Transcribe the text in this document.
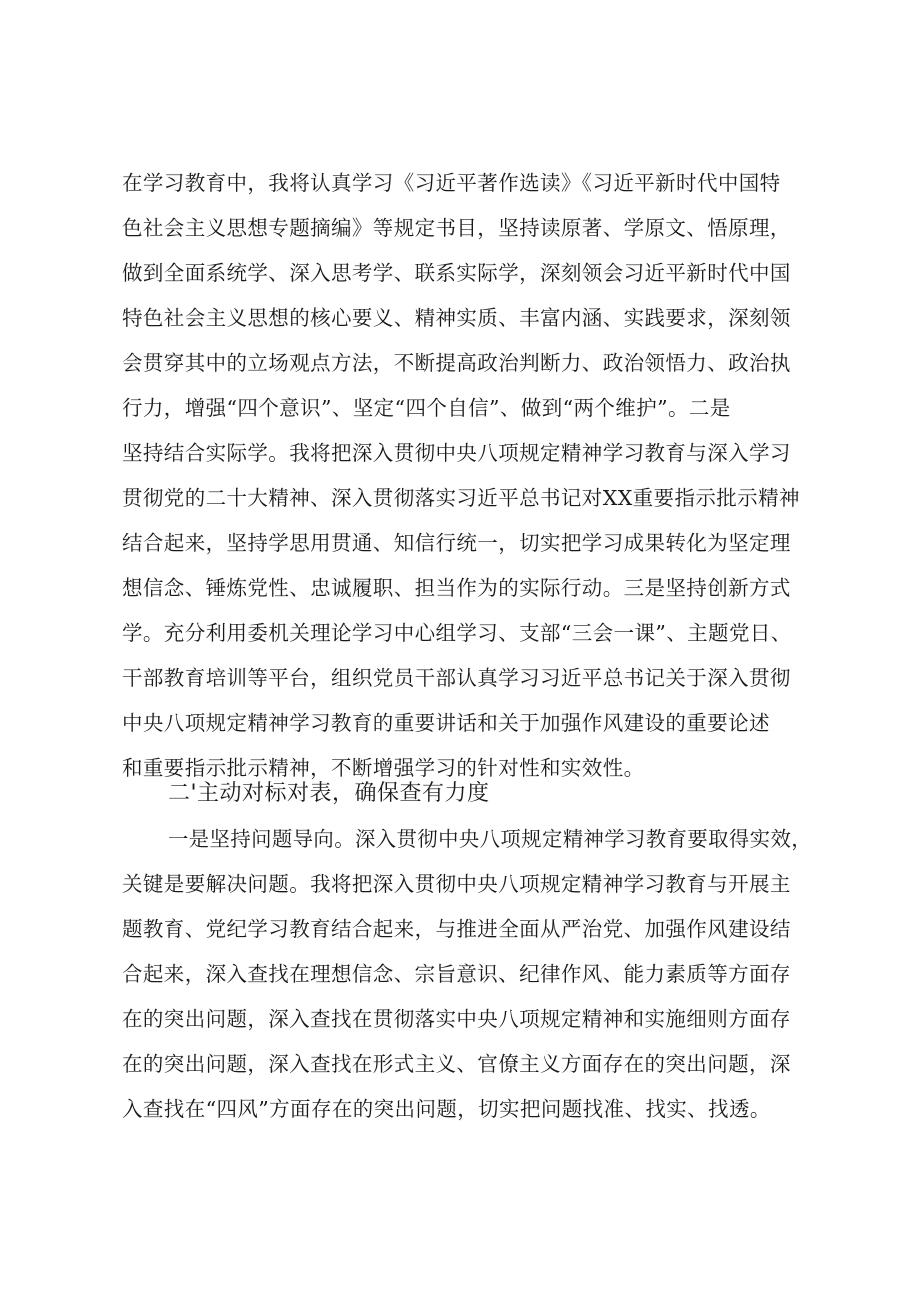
在学习教育中，我将认真学习《习近平著作选读》《习近平新时代中国特
色社会主义思想专题摘编》等规定书目，坚持读原著、学原文、悟原理，
做到全面系统学、深入思考学、联系实际学，深刻领会习近平新时代中国
特色社会主义思想的核心要义、精神实质、丰富内涵、实践要求，深刻领
会贯穿其中的立场观点方法，不断提高政治判断力、政治领悟力、政治执
行力，增强“四个意识”、坚定“四个自信”、做到“两个维护”。二是
坚持结合实际学。我将把深入贯彻中央八项规定精神学习教育与深入学习
贯彻党的二十大精神、深入贯彻落实习近平总书记对XX重要指示批示精神
结合起来，坚持学思用贯通、知信行统一，切实把学习成果转化为坚定理
想信念、锤炼党性、忠诚履职、担当作为的实际行动。三是坚持创新方式
学。充分利用委机关理论学习中心组学习、支部“三会一课”、主题党日、
干部教育培训等平台，组织党员干部认真学习习近平总书记关于深入贯彻
中央八项规定精神学习教育的重要讲话和关于加强作风建设的重要论述
和重要指示批示精神，不断增强学习的针对性和实效性。
二'主动对标对表，确保查有力度
一是坚持问题导向。深入贯彻中央八项规定精神学习教育要取得实效，
关键是要解决问题。我将把深入贯彻中央八项规定精神学习教育与开展主
题教育、党纪学习教育结合起来，与推进全面从严治党、加强作风建设结
合起来，深入查找在理想信念、宗旨意识、纪律作风、能力素质等方面存
在的突出问题，深入查找在贯彻落实中央八项规定精神和实施细则方面存
在的突出问题，深入查找在形式主义、官僚主义方面存在的突出问题，深
入查找在“四风”方面存在的突出问题，切实把问题找准、找实、找透。
